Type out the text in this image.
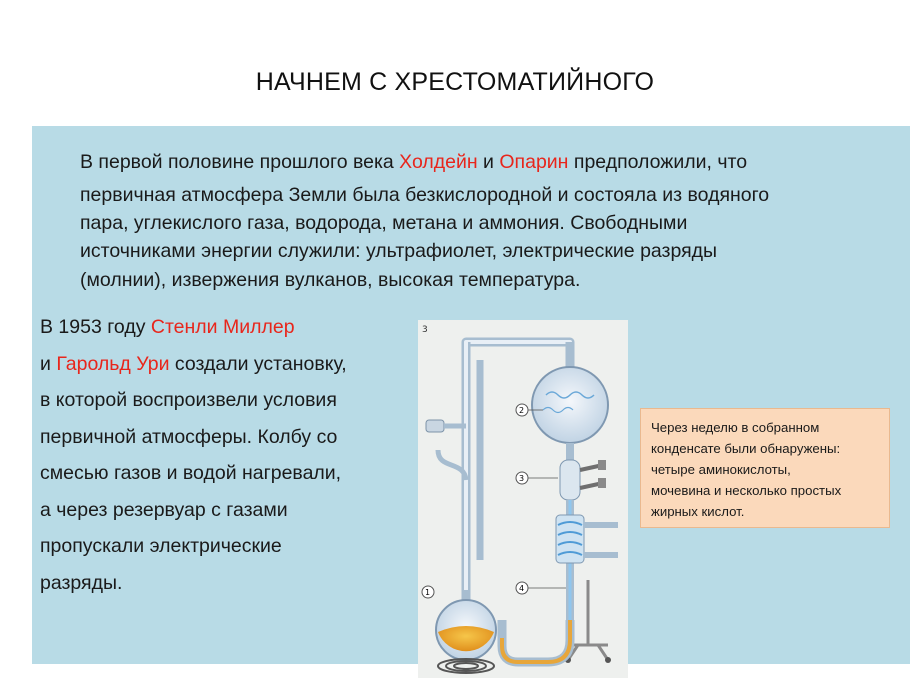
НАЧНЕМ С ХРЕСТОМАТИЙНОГО
В первой половине прошлого века Холдейн и Опарин предположили, что
первичная атмосфера Земли была безкислородной и состояла из водяного
пара, углекислого газа, водорода, метана и аммония. Свободными
источниками энергии служили: ультрафиолет, электрические разряды
(молнии), извержения вулканов, высокая температура.
В 1953 году Стенли Миллер
и Гарольд Ури создали установку,
в которой воспроизвели условия
первичной атмосферы. Колбу со
смесью газов и водой нагревали,
а через резервуар с газами
пропускали электрические
разряды.
3
2
3
4
1
Через неделю в собранном
конденсате были обнаружены:
четыре аминокислоты,
мочевина и несколько простых
жирных кислот.
